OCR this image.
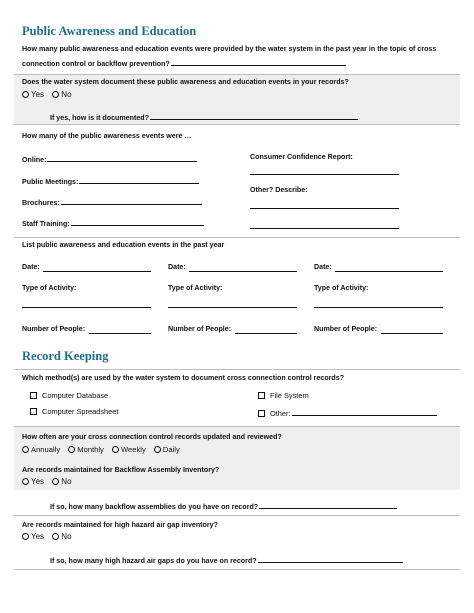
Public Awareness and Education
How many public awareness and education events were provided by the water system in the past year in the topic of cross
connection control or backflow prevention?
Does the water system document these public awareness and education events in your records?
Yes No
If yes, how is it documented?
How many of the public awareness events were …
Online:
Public Meetings:
Brochures:
Staff Training:
Consumer Confidence Report:
Other? Describe:
List public awareness and education events in the past year
Date:
Type of Activity:
Number of People:
Date:
Type of Activity:
Number of People:
Date:
Type of Activity:
Number of People:
Record Keeping
Which method(s) are used by the water system to document cross connection control records?
Computer Database
Computer Spreadsheet
File System
Other:
How often are your cross connection control records updated and reviewed?
Annually Monthly Weekly Daily
Are records maintained for Backflow Assembly Inventory?
Yes No
If so, how many backflow assemblies do you have on record?
Are records maintained for high hazard air gap inventory?
Yes No
If so, how many high hazard air gaps do you have on record?
